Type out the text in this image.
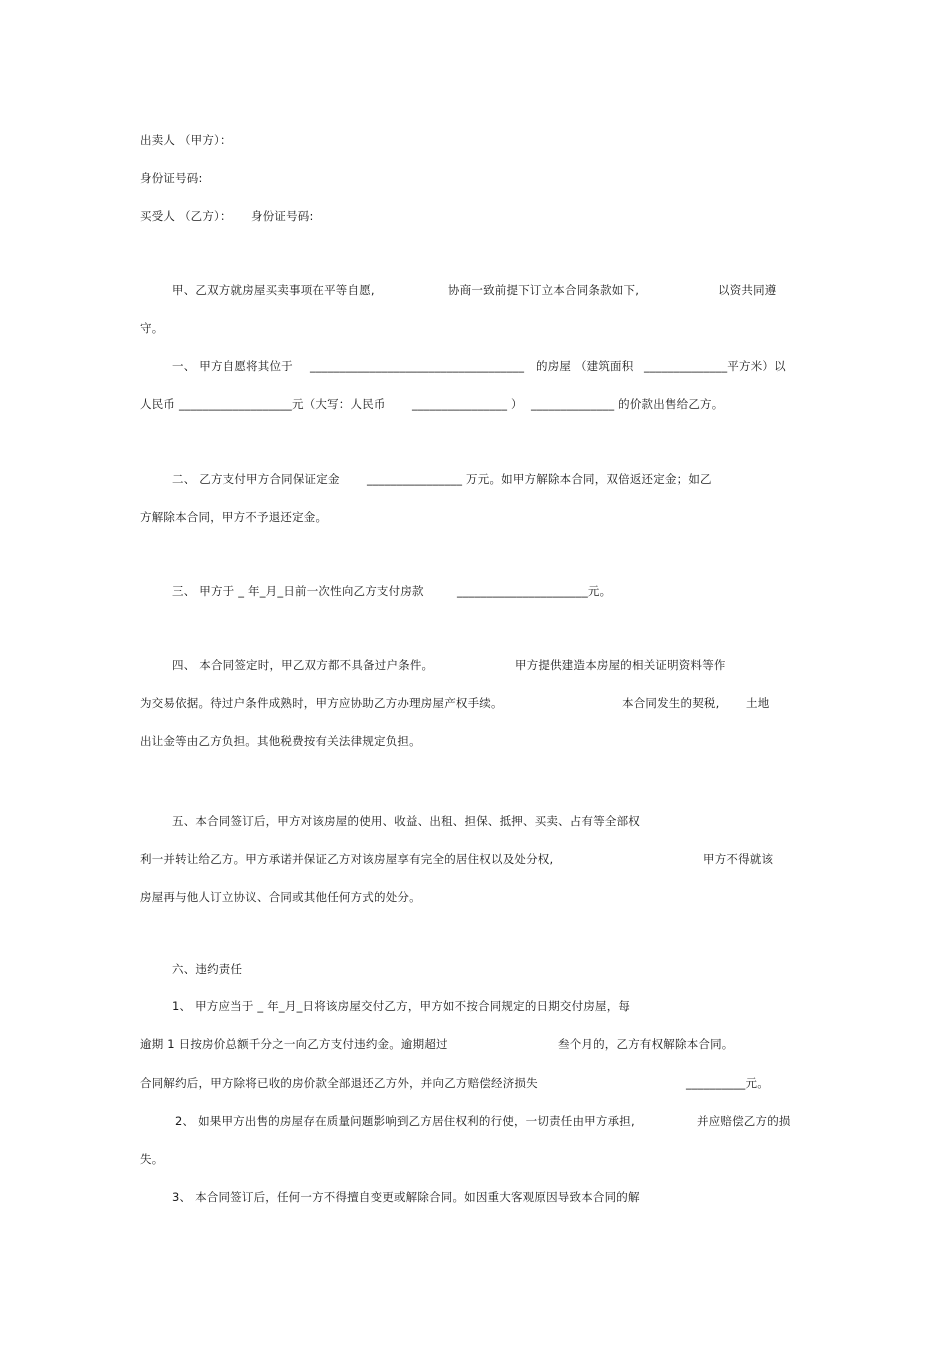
出卖人 （甲方）：
身份证号码:
买受人 （乙方）： 身份证号码:
甲、乙双方就房屋买卖事项在平等自愿,	协商一致前提下订立本合同条款如下,	以资共同遵
守。
一、 甲方自愿将其位于 ____________________________________ 的房屋 （建筑面积 ______________平方米）以
人民币 ___________________元（大写：人民币 ________________ ） ______________ 的价款出售给乙方。
二、 乙方支付甲方合同保证定金 ________________ 万元。如甲方解除本合同，双倍返还定金；如乙
方解除本合同，甲方不予退还定金。
三、 甲方于 _ 年_月_日前一次性向乙方支付房款	______________________元。
四、 本合同签定时，甲乙双方都不具备过户条件。	甲方提供建造本房屋的相关证明资料等作
为交易依据。待过户条件成熟时，甲方应协助乙方办理房屋产权手续。	本合同发生的契税, 土地
出让金等由乙方负担。其他税费按有关法律规定负担。
五、本合同签订后，甲方对该房屋的使用、收益、出租、担保、抵押、买卖、占有等全部权
利一并转让给乙方。甲方承诺并保证乙方对该房屋享有完全的居住权以及处分权,	甲方不得就该
房屋再与他人订立协议、合同或其他任何方式的处分。
六、违约责任
1、 甲方应当于 _ 年_月_日将该房屋交付乙方，甲方如不按合同规定的日期交付房屋，每
逾期 1 日按房价总额千分之一向乙方支付违约金。逾期超过	叁个月的，乙方有权解除本合同。
合同解约后，甲方除将已收的房价款全部退还乙方外，并向乙方赔偿经济损失	__________元。
2、 如果甲方出售的房屋存在质量问题影响到乙方居住权利的行使，一切责任由甲方承担,	并应赔偿乙方的损
失。
3、 本合同签订后，任何一方不得擅自变更或解除合同。如因重大客观原因导致本合同的解
